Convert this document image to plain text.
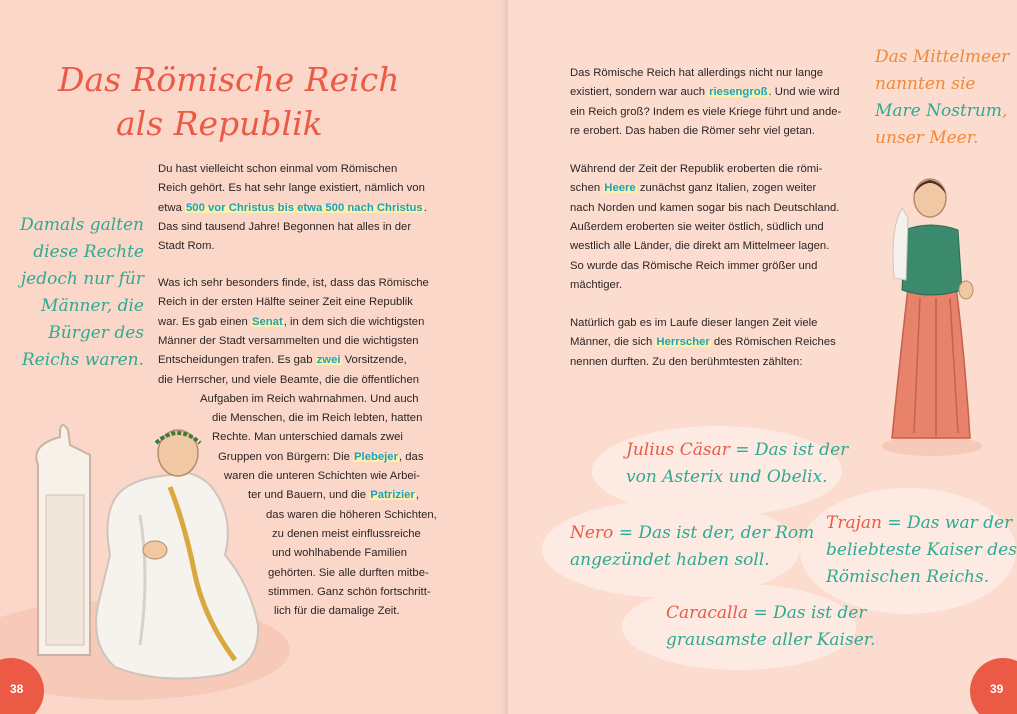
Das Römische Reich
als Republik
Damals galten
diese Rechte
jedoch nur für
Männer, die
Bürger des
Reichs waren.
Du hast vielleicht schon einmal vom Römischen
Reich gehört. Es hat sehr lange existiert, nämlich von
etwa 500 vor Christus bis etwa 500 nach Christus.
Das sind tausend Jahre! Begonnen hat alles in der
Stadt Rom.
Was ich sehr besonders finde, ist, dass das Römische
Reich in der ersten Hälfte seiner Zeit eine Republik
war. Es gab einen Senat, in dem sich die wichtigsten
Männer der Stadt versammelten und die wichtigsten
Entscheidungen trafen. Es gab zwei Vorsitzende,
die Herrscher, und viele Beamte, die die öffentlichen
Aufgaben im Reich wahrnahmen. Und auch
die Menschen, die im Reich lebten, hatten
Rechte. Man unterschied damals zwei
Gruppen von Bürgern: Die Plebejer, das
waren die unteren Schichten wie Arbei-
ter und Bauern, und die Patrizier,
das waren die höheren Schichten,
zu denen meist einflussreiche
und wohlhabende Familien
gehörten. Sie alle durften mitbe-
stimmen. Ganz schön fortschritt-
lich für die damalige Zeit.
38
Das Römische Reich hat allerdings nicht nur lange
existiert, sondern war auch riesengroß. Und wie wird
ein Reich groß? Indem es viele Kriege führt und ande-
re erobert. Das haben die Römer sehr viel getan.
Während der Zeit der Republik eroberten die römi-
schen Heere zunächst ganz Italien, zogen weiter
nach Norden und kamen sogar bis nach Deutschland.
Außerdem eroberten sie weiter östlich, südlich und
westlich alle Länder, die direkt am Mittelmeer lagen.
So wurde das Römische Reich immer größer und
mächtiger.
Natürlich gab es im Laufe dieser langen Zeit viele
Männer, die sich Herrscher des Römischen Reiches
nennen durften. Zu den berühmtesten zählten:
Das Mittelmeer
nannten sie
Mare Nostrum,
unser Meer.
Julius Cäsar = Das ist der
von Asterix und Obelix.
Nero = Das ist der, der Rom
angezündet haben soll.
Trajan = Das war der
beliebteste Kaiser des
Römischen Reichs.
Caracalla = Das ist der
grausamste aller Kaiser.
39
